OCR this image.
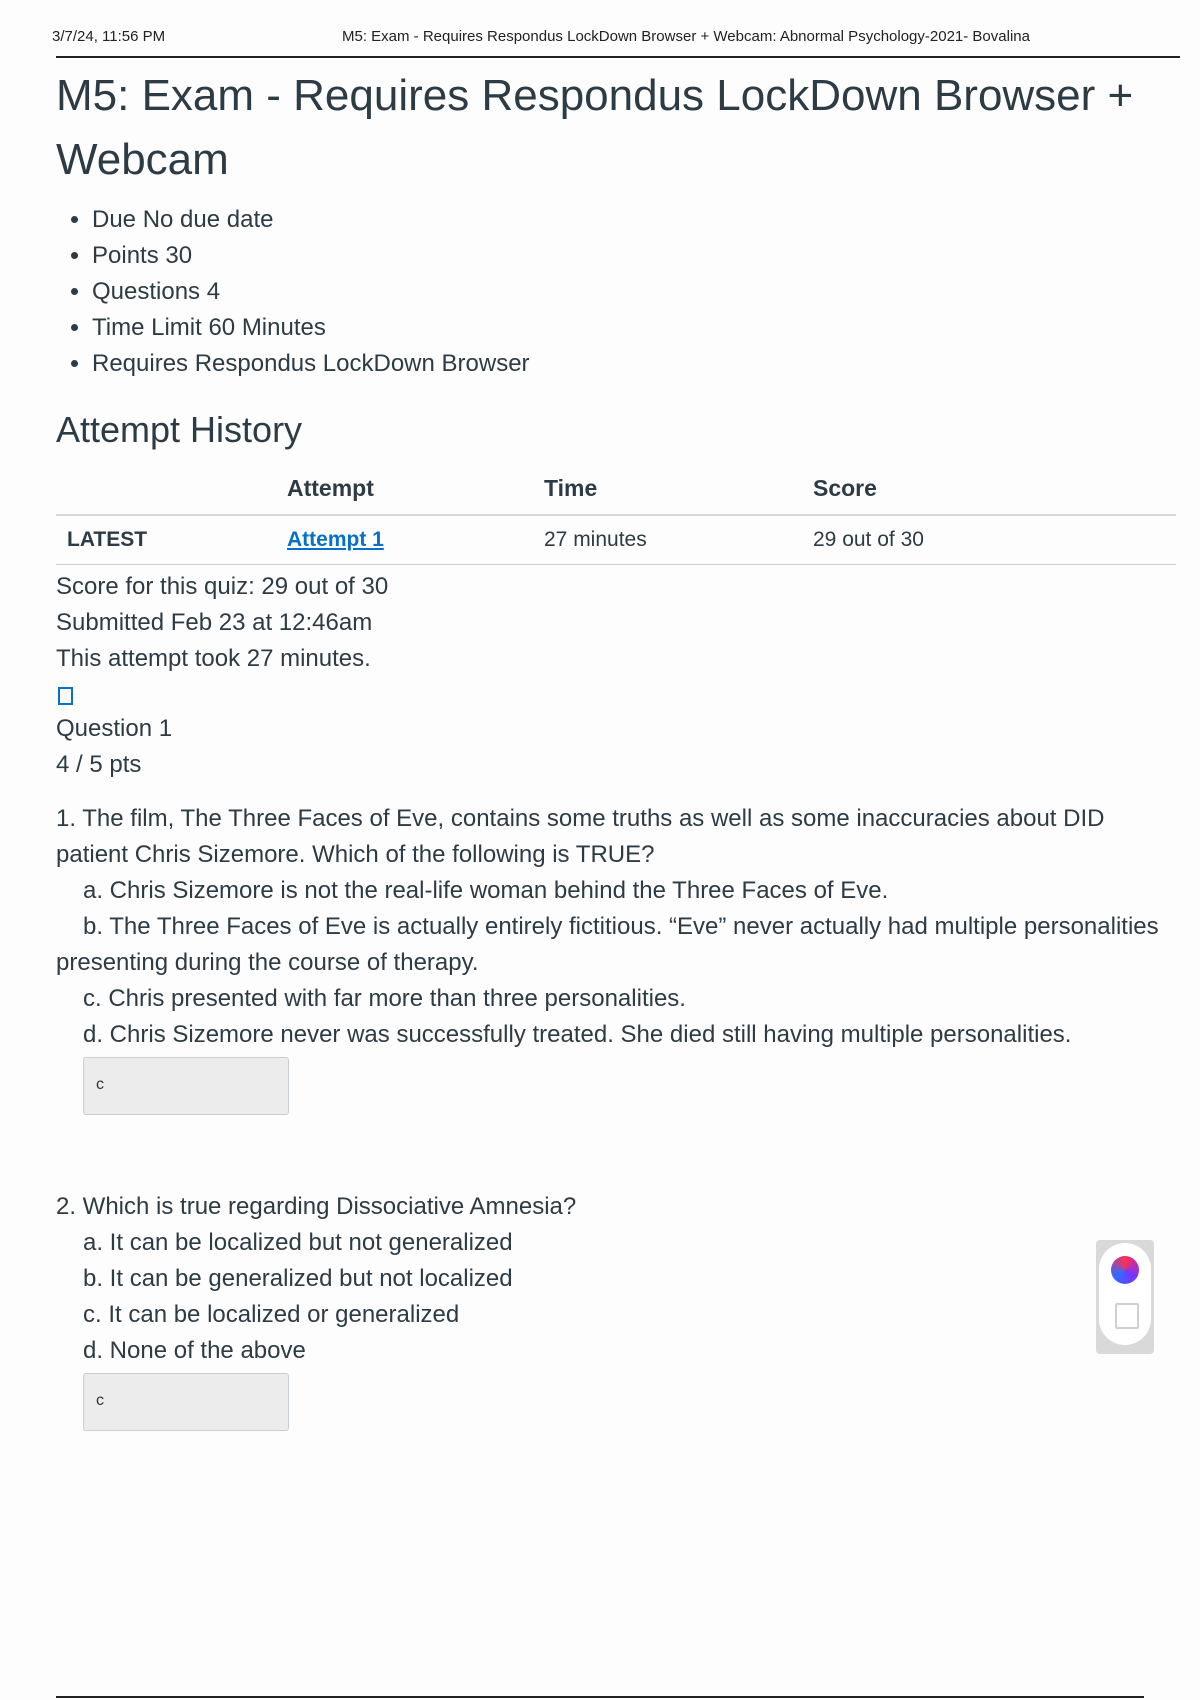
3/7/24, 11:56 PM	M5: Exam - Requires Respondus LockDown Browser + Webcam: Abnormal Psychology-2021- Bovalina
M5: Exam - Requires Respondus LockDown Browser + Webcam
• Due No due date
• Points 30
• Questions 4
• Time Limit 60 Minutes
• Requires Respondus LockDown Browser
Attempt History
	Attempt	Time	Score
LATEST	Attempt 1	27 minutes	29 out of 30
Score for this quiz: 29 out of 30
Submitted Feb 23 at 12:46am
This attempt took 27 minutes.
Question 1
4 / 5 pts
1. The film, The Three Faces of Eve, contains some truths as well as some inaccuracies about DID patient Chris Sizemore. Which of the following is TRUE?
a. Chris Sizemore is not the real-life woman behind the Three Faces of Eve.
b. The Three Faces of Eve is actually entirely fictitious. “Eve” never actually had multiple personalities presenting during the course of therapy.
c. Chris presented with far more than three personalities.
d. Chris Sizemore never was successfully treated. She died still having multiple personalities.
c
2. Which is true regarding Dissociative Amnesia?
a. It can be localized but not generalized
b. It can be generalized but not localized
c. It can be localized or generalized
d. None of the above
c
